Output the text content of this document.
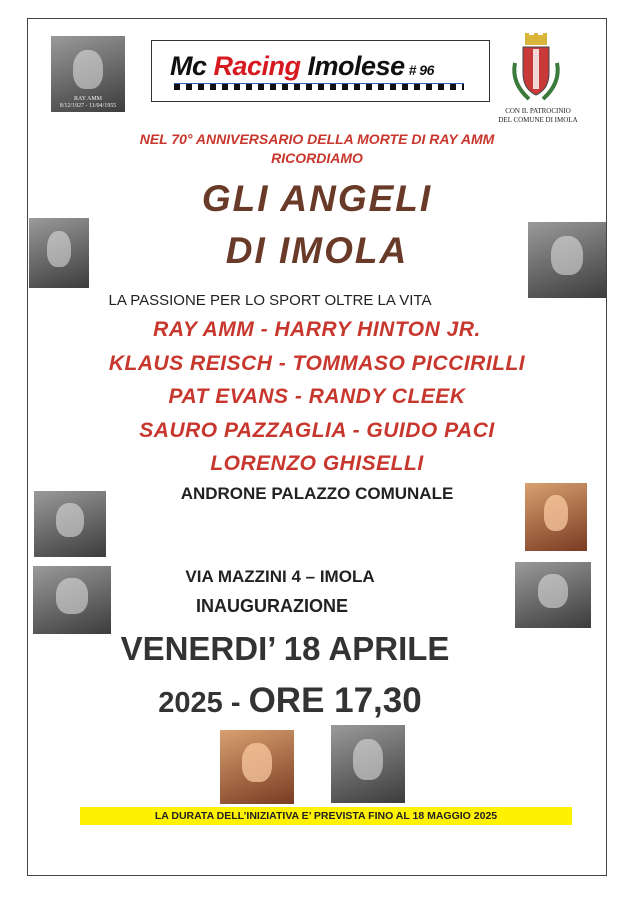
RAY AMM
8/12/1927 - 11/04/1955
Mc Racing Imolese # 96
CON IL PATROCINIO
DEL COMUNE DI IMOLA
NEL 70° ANNIVERSARIO DELLA MORTE DI RAY AMM
RICORDIAMO
GLI ANGELI
DI IMOLA
LA PASSIONE PER LO SPORT OLTRE LA VITA
RAY AMM - HARRY HINTON JR.
KLAUS REISCH - TOMMASO PICCIRILLI
PAT EVANS - RANDY CLEEK
SAURO PAZZAGLIA - GUIDO PACI
LORENZO GHISELLI
ANDRONE PALAZZO COMUNALE
VIA MAZZINI 4 – IMOLA
INAUGURAZIONE
VENERDI’ 18 APRILE
2025 - ORE 17,30
LA DURATA DELL’INIZIATIVA E’ PREVISTA FINO AL 18 MAGGIO 2025
